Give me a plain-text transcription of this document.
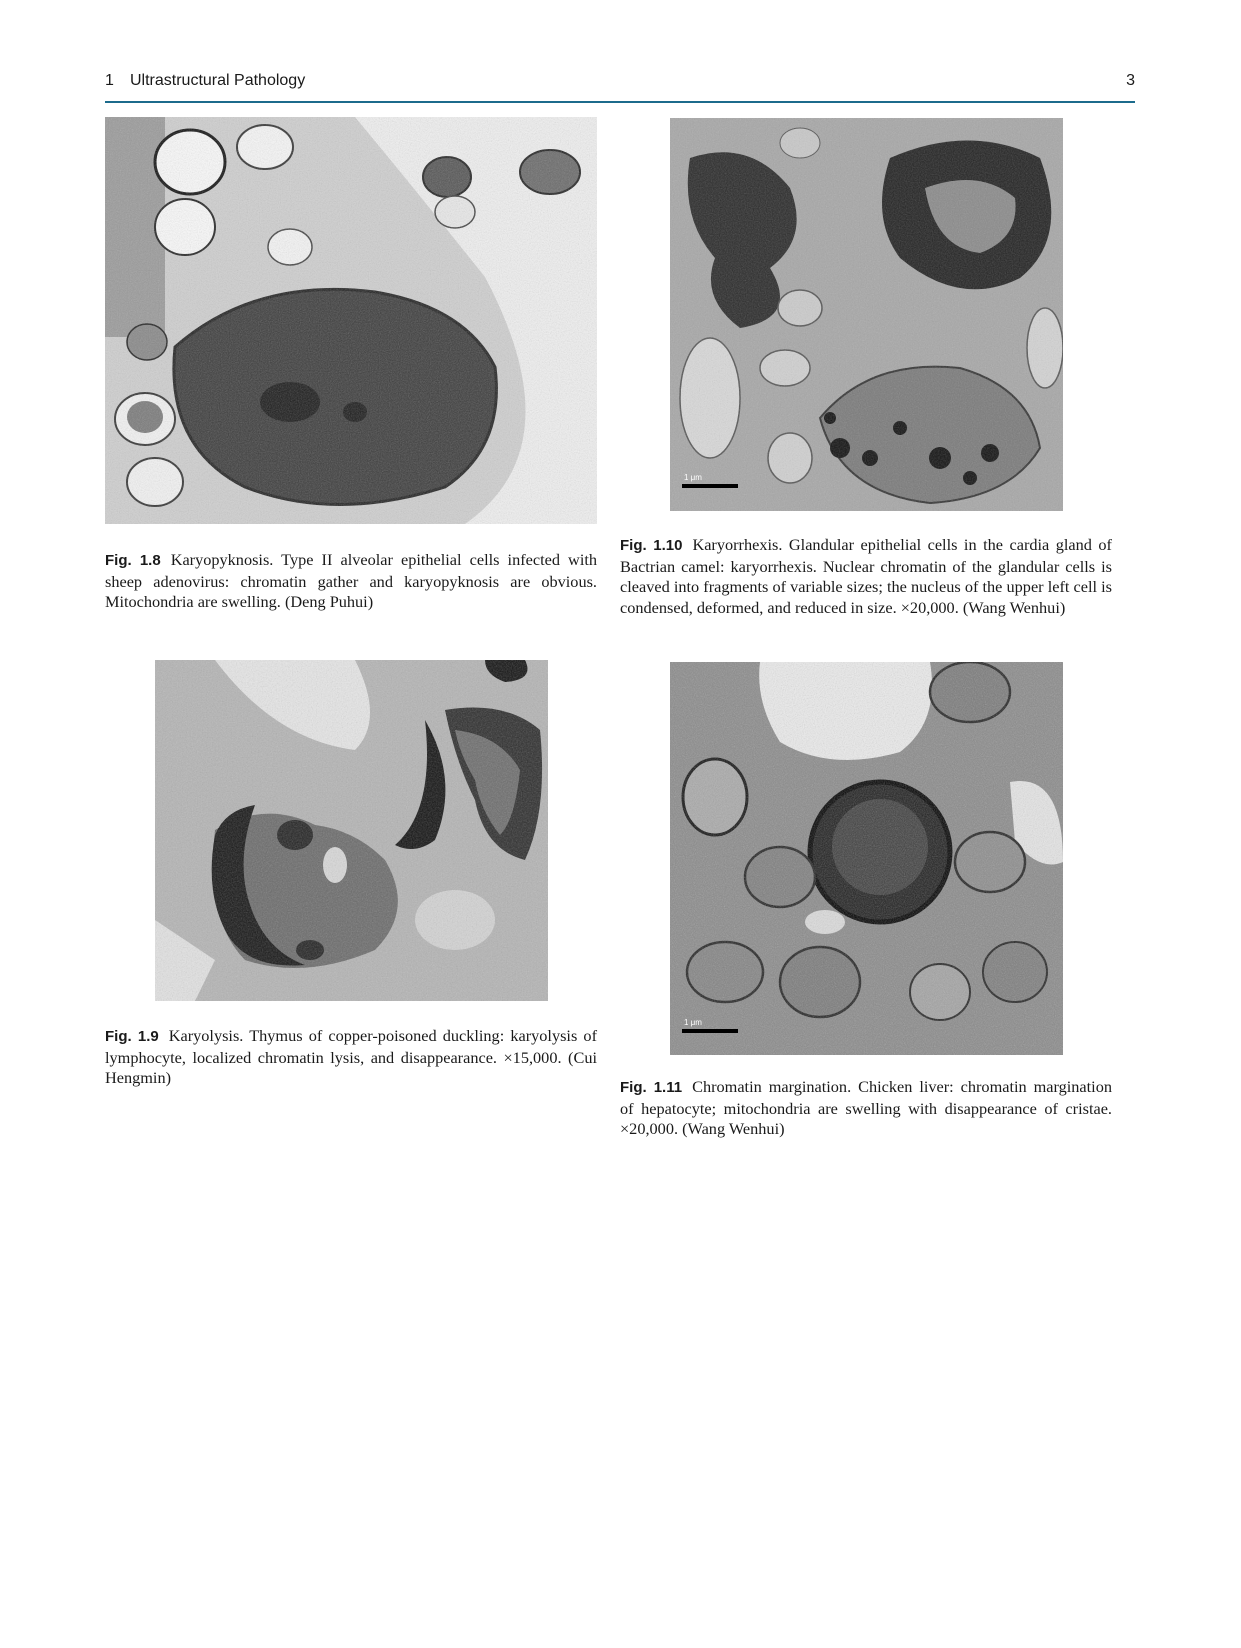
1 Ultrastructural Pathology	3
Fig. 1.8 Karyopyknosis. Type II alveolar epithelial cells infected with sheep adenovirus: chromatin gather and karyopyknosis are obvious. Mitochondria are swelling. (Deng Puhui)
1 μm
Fig. 1.10 Karyorrhexis. Glandular epithelial cells in the cardia gland of Bactrian camel: karyorrhexis. Nuclear chromatin of the glandular cells is cleaved into fragments of variable sizes; the nucleus of the upper left cell is condensed, deformed, and reduced in size. ×20,000. (Wang Wenhui)
Fig. 1.9 Karyolysis. Thymus of copper-poisoned duckling: karyolysis of lymphocyte, localized chromatin lysis, and disappearance. ×15,000. (Cui Hengmin)
1 μm
Fig. 1.11 Chromatin margination. Chicken liver: chromatin margination of hepatocyte; mitochondria are swelling with disappearance of cristae. ×20,000. (Wang Wenhui)
